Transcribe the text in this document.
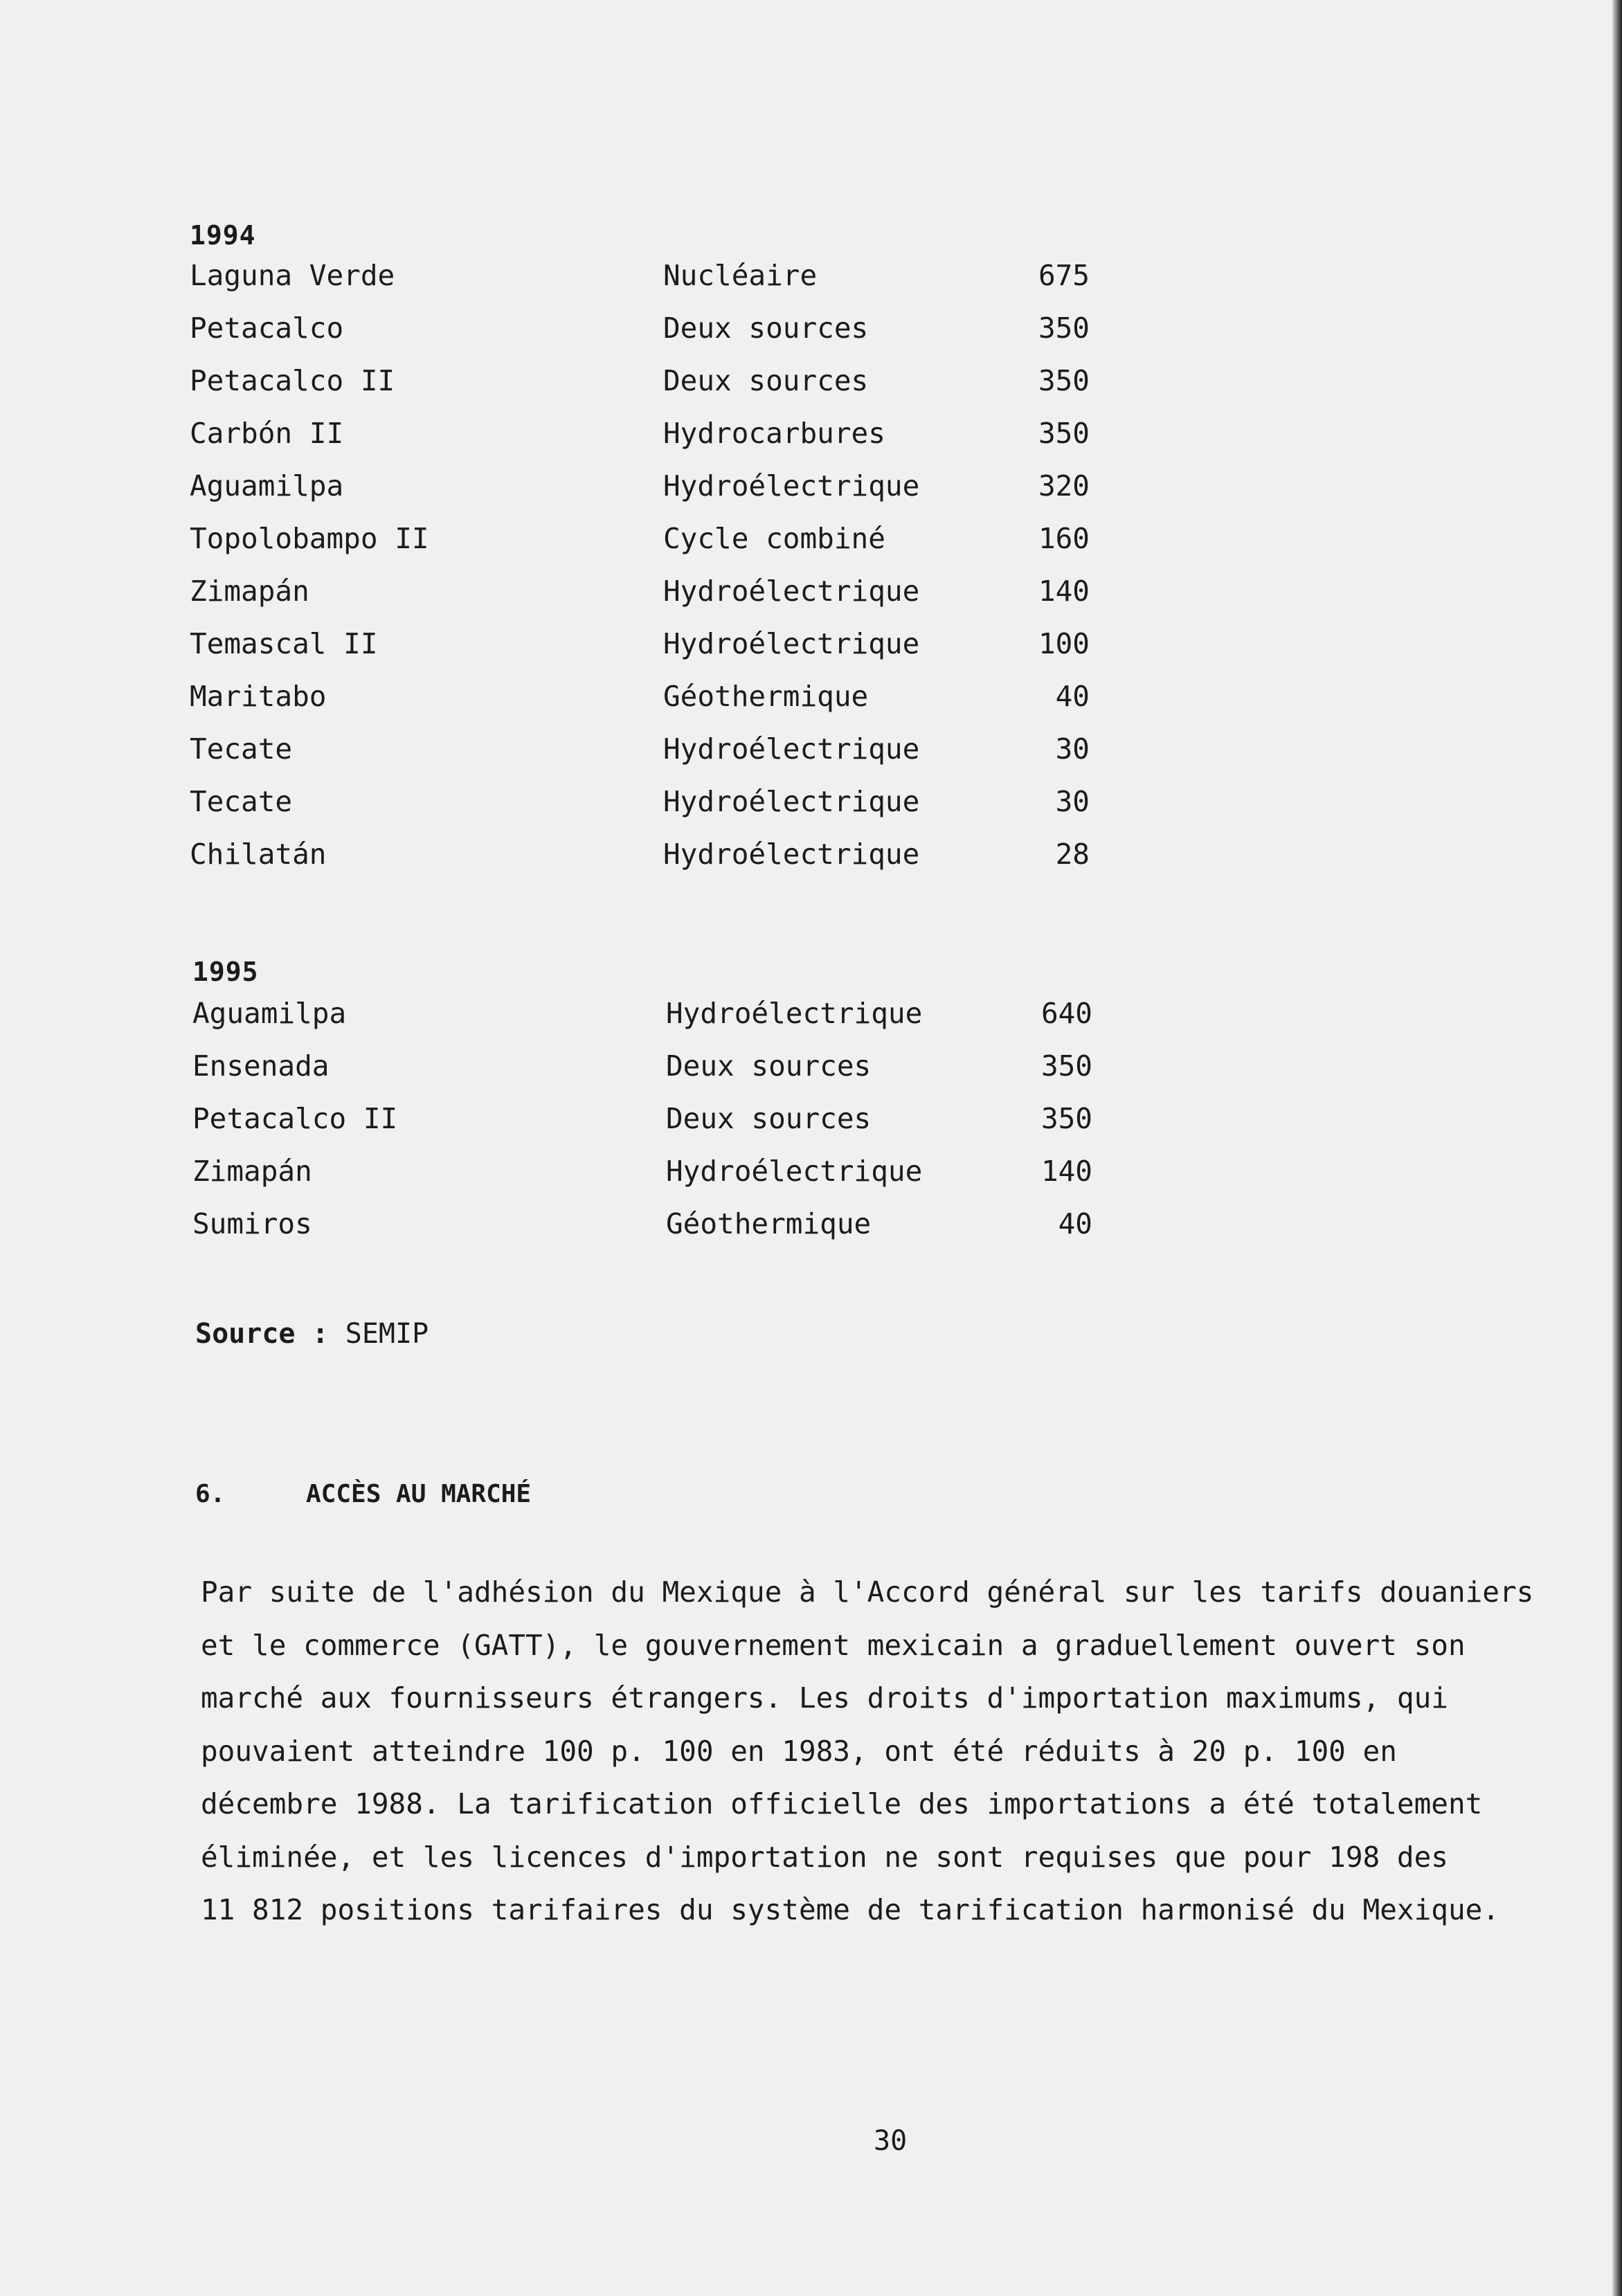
1994
Laguna Verde	Nucléaire	675
Petacalco	Deux sources	350
Petacalco II	Deux sources	350
Carbón II	Hydrocarbures	350
Aguamilpa	Hydroélectrique	320
Topolobampo II	Cycle combiné	160
Zimapán	Hydroélectrique	140
Temascal II	Hydroélectrique	100
Maritabo	Géothermique	40
Tecate	Hydroélectrique	30
Tecate	Hydroélectrique	30
Chilatán	Hydroélectrique	28
1995
Aguamilpa	Hydroélectrique	640
Ensenada	Deux sources	350
Petacalco II	Deux sources	350
Zimapán	Hydroélectrique	140
Sumiros	Géothermique	40
Source : SEMIP
6.	ACCÈS AU MARCHÉ
Par suite de l'adhésion du Mexique à l'Accord général sur les tarifs douaniers
et le commerce (GATT), le gouvernement mexicain a graduellement ouvert son
marché aux fournisseurs étrangers. Les droits d'importation maximums, qui
pouvaient atteindre 100 p. 100 en 1983, ont été réduits à 20 p. 100 en
décembre 1988. La tarification officielle des importations a été totalement
éliminée, et les licences d'importation ne sont requises que pour 198 des
11 812 positions tarifaires du système de tarification harmonisé du Mexique.
30
